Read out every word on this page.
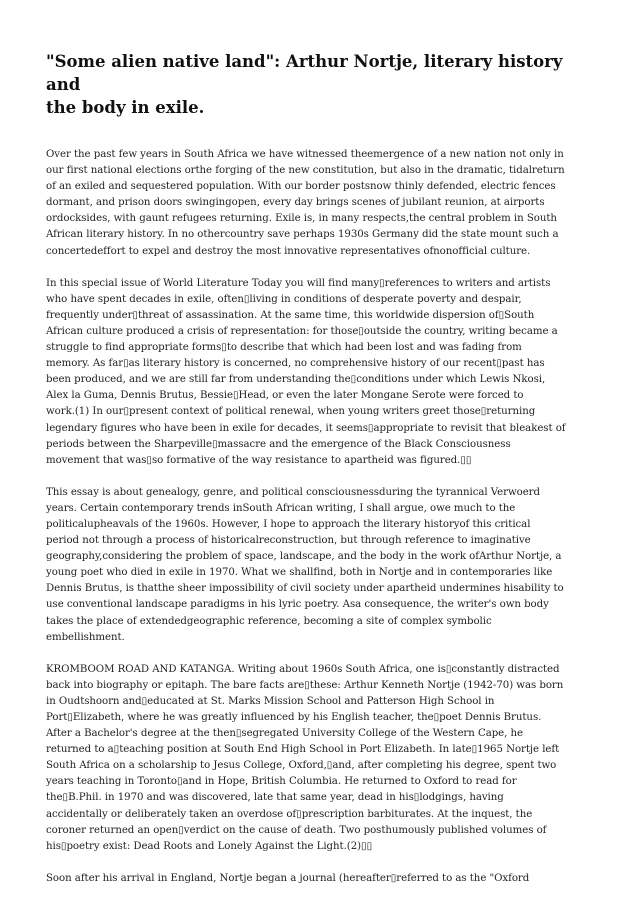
"Some alien native land": Arthur Nortje, literary history and
the body in exile.

Over the past few years in South Africa we have witnessed theemergence of a new nation not only in
our first national elections orthe forging of the new constitution, but also in the dramatic, tidalreturn
of an exiled and sequestered population. With our border postsnow thinly defended, electric fences
dormant, and prison doors swingingopen, every day brings scenes of jubilant reunion, at airports
ordocksides, with gaunt refugees returning. Exile is, in many respects,the central problem in South
African literary history. In no othercountry save perhaps 1930s Germany did the state mount such a
concertedeffort to expel and destroy the most innovative representatives ofnonofficial culture.

In this special issue of World Literature Today you will find many▯references to writers and artists
who have spent decades in exile, often▯living in conditions of desperate poverty and despair,
frequently under▯threat of assassination. At the same time, this worldwide dispersion of▯South
African culture produced a crisis of representation: for those▯outside the country, writing became a
struggle to find appropriate forms▯to describe that which had been lost and was fading from
memory. As far▯as literary history is concerned, no comprehensive history of our recent▯past has
been produced, and we are still far from understanding the▯conditions under which Lewis Nkosi,
Alex la Guma, Dennis Brutus, Bessie▯Head, or even the later Mongane Serote were forced to
work.(1) In our▯present context of political renewal, when young writers greet those▯returning
legendary figures who have been in exile for decades, it seems▯appropriate to revisit that bleakest of
periods between the Sharpeville▯massacre and the emergence of the Black Consciousness
movement that was▯so formative of the way resistance to apartheid was figured.▯▯

This essay is about genealogy, genre, and political consciousnessduring the tyrannical Verwoerd
years. Certain contemporary trends inSouth African writing, I shall argue, owe much to the
politicalupheavals of the 1960s. However, I hope to approach the literary historyof this critical
period not through a process of historicalreconstruction, but through reference to imaginative
geography,considering the problem of space, landscape, and the body in the work ofArthur Nortje, a
young poet who died in exile in 1970. What we shallfind, both in Nortje and in contemporaries like
Dennis Brutus, is thatthe sheer impossibility of civil society under apartheid undermines hisability to
use conventional landscape paradigms in his lyric poetry. Asa consequence, the writer's own body
takes the place of extendedgeographic reference, becoming a site of complex symbolic
embellishment.

KROMBOOM ROAD AND KATANGA. Writing about 1960s South Africa, one is▯constantly distracted
back into biography or epitaph. The bare facts are▯these: Arthur Kenneth Nortje (1942-70) was born
in Oudtshoorn and▯educated at St. Marks Mission School and Patterson High School in
Port▯Elizabeth, where he was greatly influenced by his English teacher, the▯poet Dennis Brutus.
After a Bachelor's degree at the then▯segregated University College of the Western Cape, he
returned to a▯teaching position at South End High School in Port Elizabeth. In late▯1965 Nortje left
South Africa on a scholarship to Jesus College, Oxford,▯and, after completing his degree, spent two
years teaching in Toronto▯and in Hope, British Columbia. He returned to Oxford to read for
the▯B.Phil. in 1970 and was discovered, late that same year, dead in his▯lodgings, having
accidentally or deliberately taken an overdose of▯prescription barbiturates. At the inquest, the
coroner returned an open▯verdict on the cause of death. Two posthumously published volumes of
his▯poetry exist: Dead Roots and Lonely Against the Light.(2)▯▯

Soon after his arrival in England, Nortje began a journal (hereafter▯referred to as the "Oxford
